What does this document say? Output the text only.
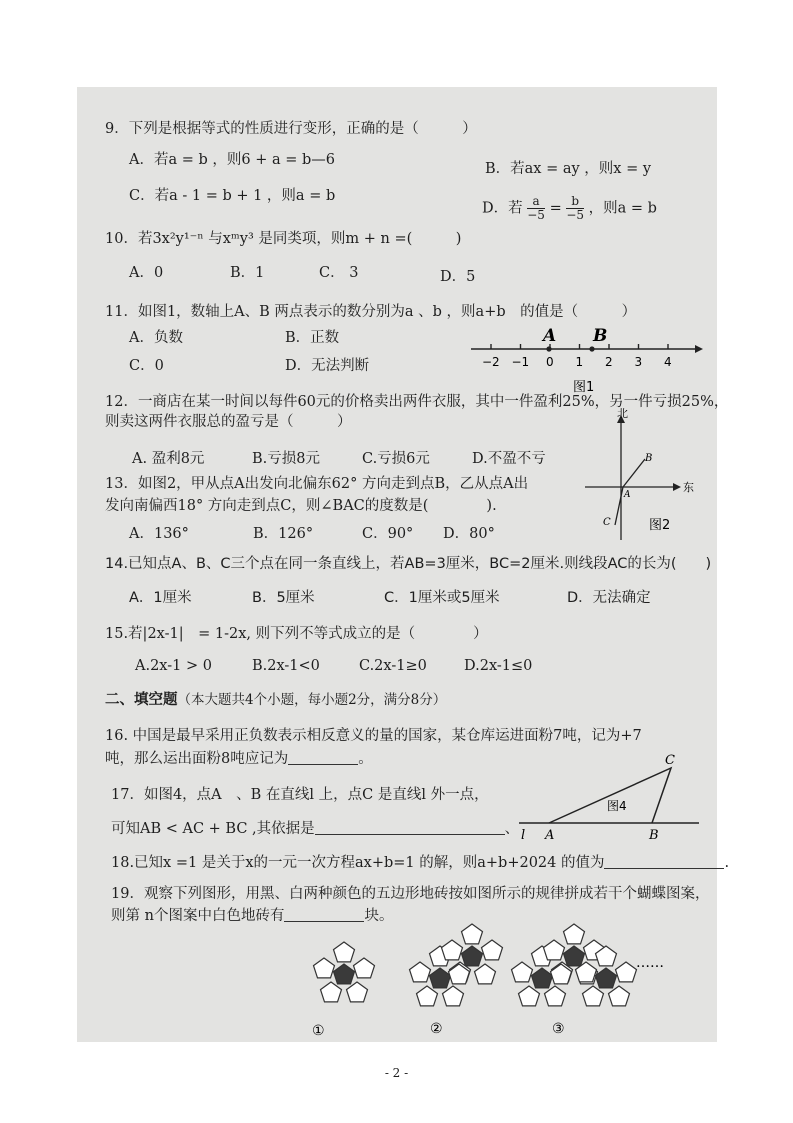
9．下列是根据等式的性质进行变形，正确的是（　　　）
A．若a = b ，则6 + a = b—6
B．若ax = ay ，则x = y
C．若a - 1 = b + 1 ，则a = b
D．若 $\frac{a}{-5} = \frac{b}{-5}$ ，则a = b
10．若3x²y¹⁻ⁿ 与xᵐy³ 是同类项，则m + n =(　　　)
A．0	B．1	C． 3	D．5
11．如图1，数轴上A、B 两点表示的数分别为a 、b ，则a+b　的值是（　　　）
A．负数	B．正数
C．0	D．无法判断	−2 −1 0 1 2 3 4
A B
图1
12．一商店在某一时间以每件60元的价格卖出两件衣服，其中一件盈利25%，另一件亏损25%，
则卖这两件衣服总的盈亏是（　　　）
A. 盈利8元	B.亏损8元	C.亏损6元	D.不盈不亏
13．如图2，甲从点A出发向北偏东62° 方向走到点B，乙从点A出
发向南偏西18° 方向走到点C，则∠BAC的度数是(　　　　).
A．136°	B．126°	C．90° D．80°
北
东
B
A
C	图2
14.已知点A、B、C三个点在同一条直线上，若AB=3厘米，BC=2厘米.则线段AC的长为(　　)
A．1厘米	B．5厘米	C．1厘米或5厘米	D．无法确定
15.若|2x-1|　= 1-2x, 则下列不等式成立的是（　　　　）
A.2x-1 > 0	B.2x-1<0	C.2x-1≥0	D.2x-1≤0
二、填空题（本大题共4个小题，每小题2分，满分8分）
16. 中国是最早采用正负数表示相反意义的量的国家，某仓库运进面粉7吨，记为+7
吨，那么运出面粉8吨应记为	。
17．如图4，点A　、B 在直线l 上，点C 是直线l 外一点，
可知AB < AC + BC ,其依据是	、
图4
l A	B
C
18.已知x =1 是关于x的一元一次方程ax+b=1 的解，则a+b+2024 的值为	.
19．观察下列图形，用黑、白两种颜色的五边形地砖按如图所示的规律拼成若干个蝴蝶图案，
则第 n个图案中白色地砖有	块。
①	②	③
……
- 2 -
